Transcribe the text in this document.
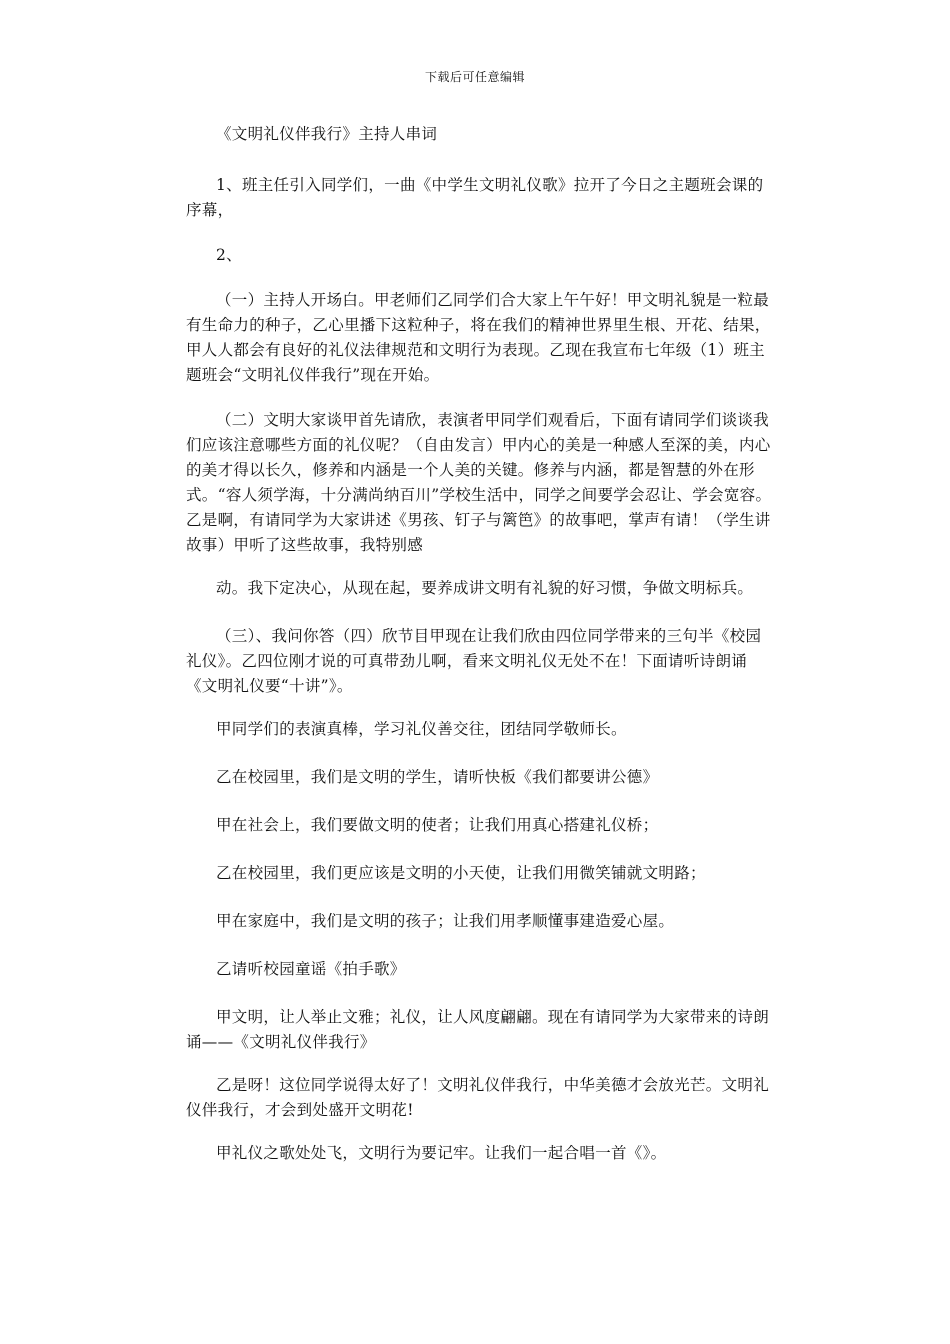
下载后可任意编辑

《文明礼仪伴我行》主持人串词

1、班主任引入同学们，一曲《中学生文明礼仪歌》拉开了今日之主题班会课的序幕，

2、

（一）主持人开场白。甲老师们乙同学们合大家上午午好！甲文明礼貌是一粒最有生命力的种子，乙心里播下这粒种子，将在我们的精神世界里生根、开花、结果，甲人人都会有良好的礼仪法律规范和文明行为表现。乙现在我宣布七年级（1）班主题班会“文明礼仪伴我行”现在开始。

（二）文明大家谈甲首先请欣，表演者甲同学们观看后，下面有请同学们谈谈我们应该注意哪些方面的礼仪呢？（自由发言）甲内心的美是一种感人至深的美，内心的美才得以长久，修养和内涵是一个人美的关键。修养与内涵，都是智慧的外在形式。“容人须学海，十分满尚纳百川”学校生活中，同学之间要学会忍让、学会宽容。乙是啊，有请同学为大家讲述《男孩、钉子与篱笆》的故事吧，掌声有请！（学生讲故事）甲听了这些故事，我特别感

动。我下定决心，从现在起，要养成讲文明有礼貌的好习惯，争做文明标兵。

（三）、我问你答（四）欣节目甲现在让我们欣由四位同学带来的三句半《校园礼仪》。乙四位刚才说的可真带劲儿啊，看来文明礼仪无处不在！下面请听诗朗诵《文明礼仪要“十讲”》。

甲同学们的表演真棒，学习礼仪善交往，团结同学敬师长。

乙在校园里，我们是文明的学生，请听快板《我们都要讲公德》

甲在社会上，我们要做文明的使者；让我们用真心搭建礼仪桥；

乙在校园里，我们更应该是文明的小天使，让我们用微笑铺就文明路；

甲在家庭中，我们是文明的孩子；让我们用孝顺懂事建造爱心屋。

乙请听校园童谣《拍手歌》

甲文明，让人举止文雅；礼仪，让人风度翩翩。现在有请同学为大家带来的诗朗诵——《文明礼仪伴我行》

乙是呀！这位同学说得太好了！文明礼仪伴我行，中华美德才会放光芒。文明礼仪伴我行，才会到处盛开文明花!

甲礼仪之歌处处飞，文明行为要记牢。让我们一起合唱一首《》。
